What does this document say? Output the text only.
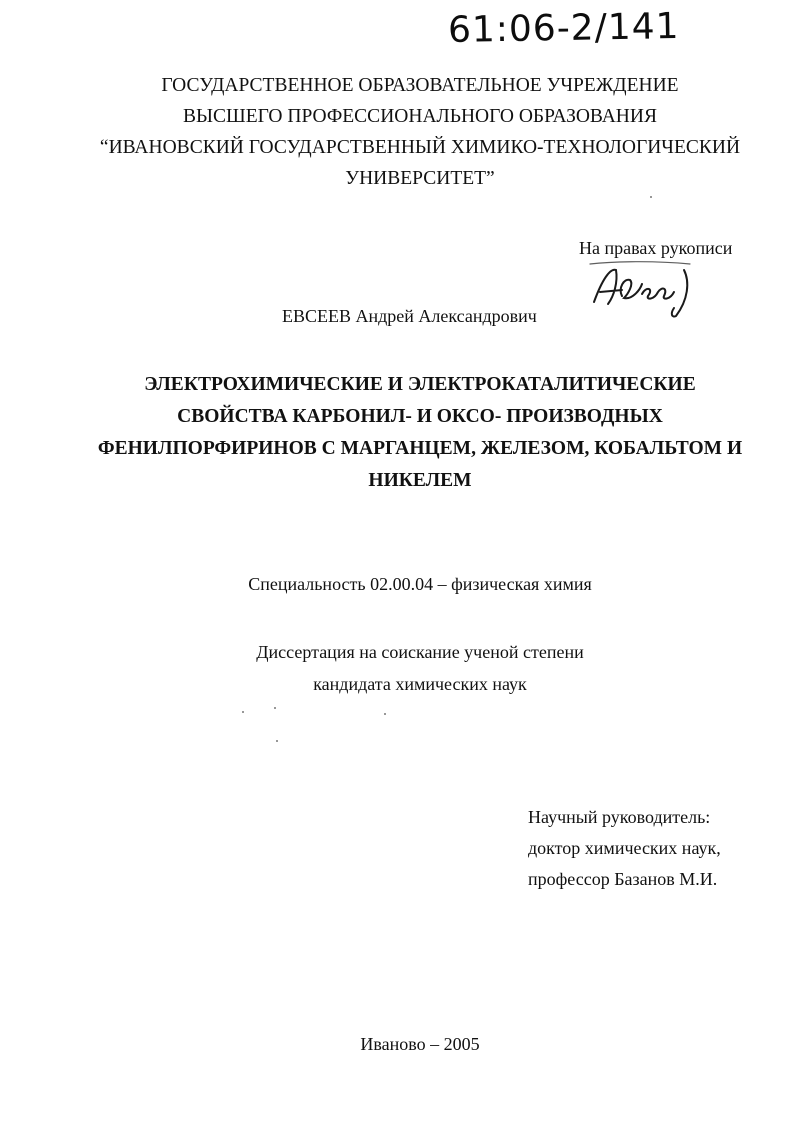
61:06-2/141
ГОСУДАРСТВЕННОЕ ОБРАЗОВАТЕЛЬНОЕ УЧРЕЖДЕНИЕ
ВЫСШЕГО ПРОФЕССИОНАЛЬНОГО ОБРАЗОВАНИЯ
“ИВАНОВСКИЙ ГОСУДАРСТВЕННЫЙ ХИМИКО-ТЕХНОЛОГИЧЕСКИЙ
УНИВЕРСИТЕТ”
На правах рукописи
ЕВСЕЕВ Андрей Александрович
ЭЛЕКТРОХИМИЧЕСКИЕ И ЭЛЕКТРОКАТАЛИТИЧЕСКИЕ
СВОЙСТВА КАРБОНИЛ- И ОКСО- ПРОИЗВОДНЫХ
ФЕНИЛПОРФИРИНОВ С МАРГАНЦЕМ, ЖЕЛЕЗОМ, КОБАЛЬТОМ И
НИКЕЛЕМ
Специальность 02.00.04 – физическая химия
Диссертация на соискание ученой степени
кандидата химических наук
Научный руководитель:
доктор химических наук,
профессор Базанов М.И.
Иваново – 2005
